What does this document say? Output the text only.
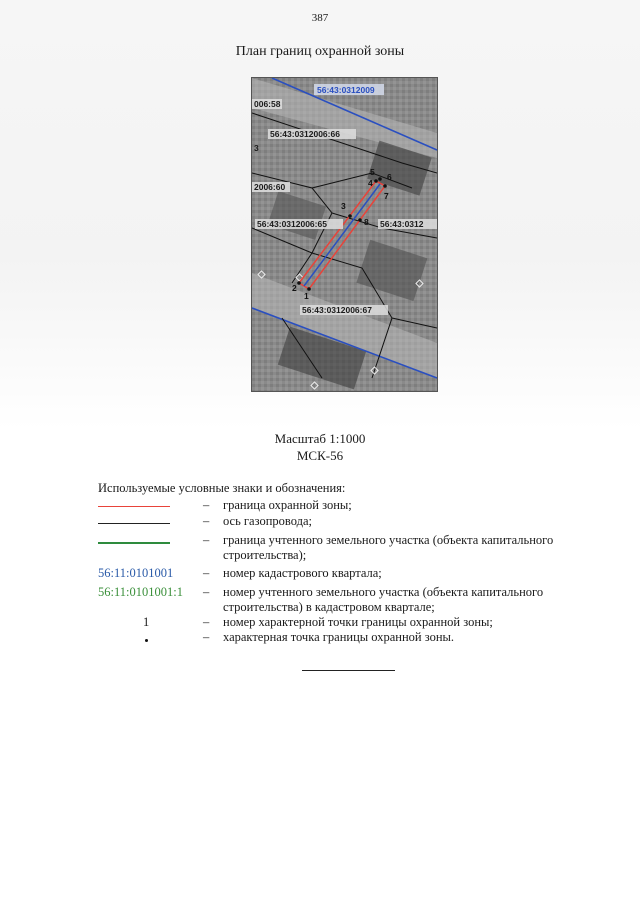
387
План границ охранной зоны
56:43:0312009
006:58
56:43:0312006:66
3
2006:60
56:43:0312006:65	56:43:0312
56:43:0312006:67
1
2
3
4
5 6
7
8
Масштаб 1:1000
МСК-56
Используемые условные знаки и обозначения:
– граница охранной зоны;
– ось газопровода;
– граница учтенного земельного участка (объекта капитального строительства);
56:11:0101001	– номер кадастрового квартала;
56:11:0101001:1	– номер учтенного земельного участка (объекта капитального строительства) в кадастровом квартале;
1	– номер характерной точки границы охранной зоны;
– характерная точка границы охранной зоны.
